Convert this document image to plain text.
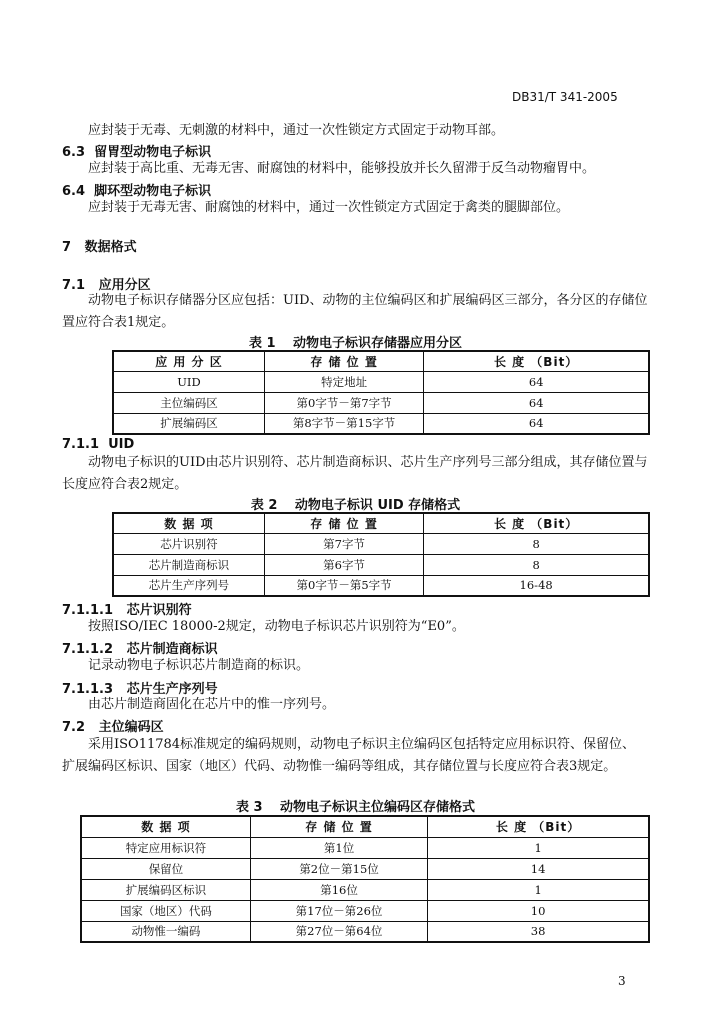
DB31/T 341-2005
应封装于无毒、无刺激的材料中，通过一次性锁定方式固定于动物耳部。
6.3 留胃型动物电子标识
应封装于高比重、无毒无害、耐腐蚀的材料中，能够投放并长久留滞于反刍动物瘤胃中。
6.4 脚环型动物电子标识
应封装于无毒无害、耐腐蚀的材料中，通过一次性锁定方式固定于禽类的腿脚部位。
7 数据格式
7.1 应用分区
动物电子标识存储器分区应包括：UID、动物的主位编码区和扩展编码区三部分，各分区的存储位置应符合表1规定。
表 1　 动物电子标识存储器应用分区
应 用 分 区	存 储 位 置	长 度 （Bit）
UID	特定地址	64
主位编码区	第0字节－第7字节	64
扩展编码区	第8字节－第15字节	64
7.1.1 UID
动物电子标识的UID由芯片识别符、芯片制造商标识、芯片生产序列号三部分组成，其存储位置与长度应符合表2规定。
表 2　 动物电子标识 UID 存储格式
数 据 项	存 储 位 置	长 度 （Bit）
芯片识别符	第7字节	8
芯片制造商标识	第6字节	8
芯片生产序列号	第0字节－第5字节	16-48
7.1.1.1 芯片识别符
按照ISO/IEC 18000-2规定，动物电子标识芯片识别符为“E0”。
7.1.1.2 芯片制造商标识
记录动物电子标识芯片制造商的标识。
7.1.1.3 芯片生产序列号
由芯片制造商固化在芯片中的惟一序列号。
7.2 主位编码区
采用ISO11784标准规定的编码规则，动物电子标识主位编码区包括特定应用标识符、保留位、扩展编码区标识、国家（地区）代码、动物惟一编码等组成，其存储位置与长度应符合表3规定。
表 3　 动物电子标识主位编码区存储格式
数 据 项	存 储 位 置	长 度 （Bit）
特定应用标识符	第1位	1
保留位	第2位－第15位	14
扩展编码区标识	第16位	1
国家（地区）代码	第17位－第26位	10
动物惟一编码	第27位－第64位	38
3
